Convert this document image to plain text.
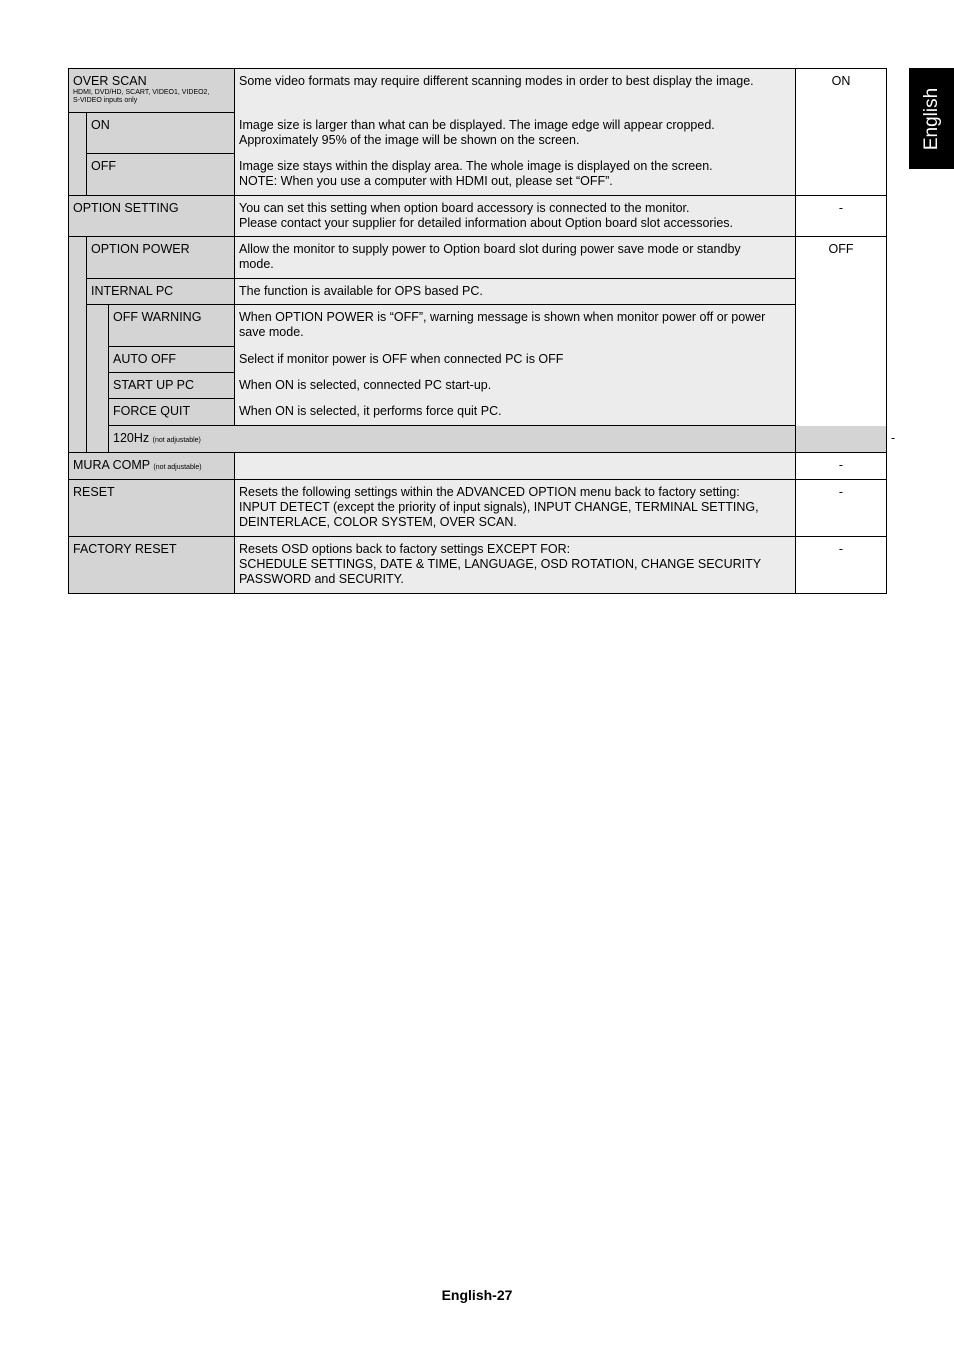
English
OVER SCAN
HDMI, DVD/HD, SCART, VIDEO1, VIDEO2,
S-VIDEO inputs only			Some video formats may require different scanning modes in order to best display the image.	ON	
	ON		Image size is larger than what can be displayed. The image edge will appear cropped.
Approximately 95% of the image will be shown on the screen.		
	OFF		Image size stays within the display area. The whole image is displayed on the screen.
NOTE: When you use a computer with HDMI out, please set “OFF”.		
OPTION SETTING			You can set this setting when option board accessory is connected to the monitor.
Please contact your supplier for detailed information about Option board slot accessories.	-	
	OPTION POWER		Allow the monitor to supply power to Option board slot during power save mode or standby
mode.	OFF	
	INTERNAL PC		The function is available for OPS based PC.		
		OFF WARNING	When OPTION POWER is “OFF”, warning message is shown when monitor power off or power
save mode.		
		AUTO OFF	Select if monitor power is OFF when connected PC is OFF		
		START UP PC	When ON is selected, connected PC start-up.		
		FORCE QUIT	When ON is selected, it performs force quit PC.		
		120Hz (not adjustable)			-
MURA COMP (not adjustable)				-	
RESET			Resets the following settings within the ADVANCED OPTION menu back to factory setting:
INPUT DETECT (except the priority of input signals), INPUT CHANGE, TERMINAL SETTING,
DEINTERLACE, COLOR SYSTEM, OVER SCAN.	-	
FACTORY RESET			Resets OSD options back to factory settings EXCEPT FOR:
SCHEDULE SETTINGS, DATE & TIME, LANGUAGE, OSD ROTATION, CHANGE SECURITY
PASSWORD and SECURITY.	-	
English-27
